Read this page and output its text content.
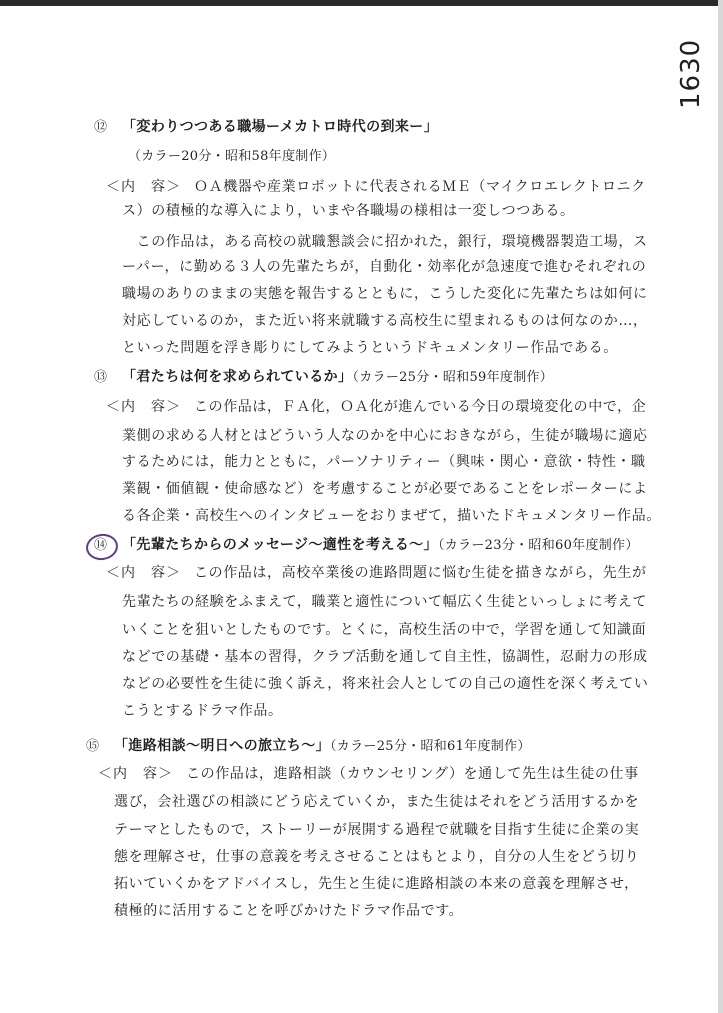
1630
⑫ 「変わりつつある職場ーメカトロ時代の到来ー」
（カラー20分・昭和58年度制作）
＜内　容＞ ＯＡ機器や産業ロボットに代表されるＭＥ（マイクロエレクトロニク
ス）の積極的な導入により，いまや各職場の様相は一変しつつある。
　この作品は，ある高校の就職懇談会に招かれた，銀行，環境機器製造工場，ス
ーパー，に勤める３人の先輩たちが，自動化・効率化が急速度で進むそれぞれの
職場のありのままの実態を報告するとともに，こうした変化に先輩たちは如何に
対応しているのか，また近い将来就職する高校生に望まれるものは何なのか…，
といった問題を浮き彫りにしてみようというドキュメンタリー作品である。
⑬ 「君たちは何を求められているか」（カラー25分・昭和59年度制作）
＜内　容＞ この作品は，ＦＡ化，ＯＡ化が進んでいる今日の環境変化の中で，企
業側の求める人材とはどういう人なのかを中心におきながら，生徒が職場に適応
するためには，能力とともに，パーソナリティー（興味・関心・意欲・特性・職
業観・価値観・使命感など）を考慮することが必要であることをレポーターによ
る各企業・高校生へのインタビューをおりまぜて，描いたドキュメンタリー作品。
⑭ 「先輩たちからのメッセージ〜適性を考える〜」（カラー23分・昭和60年度制作）
＜内　容＞ この作品は，高校卒業後の進路問題に悩む生徒を描きながら，先生が
先輩たちの経験をふまえて，職業と適性について幅広く生徒といっしょに考えて
いくことを狙いとしたものです。とくに，高校生活の中で，学習を通して知識面
などでの基礎・基本の習得，クラブ活動を通して自主性，協調性，忍耐力の形成
などの必要性を生徒に強く訴え，将来社会人としての自己の適性を深く考えてい
こうとするドラマ作品。
⑮ 「進路相談〜明日への旅立ち〜」（カラー25分・昭和61年度制作）
＜内　容＞ この作品は，進路相談（カウンセリング）を通して先生は生徒の仕事
選び，会社選びの相談にどう応えていくか，また生徒はそれをどう活用するかを
テーマとしたもので，ストーリーが展開する過程で就職を目指す生徒に企業の実
態を理解させ，仕事の意義を考えさせることはもとより，自分の人生をどう切り
拓いていくかをアドバイスし，先生と生徒に進路相談の本来の意義を理解させ，
積極的に活用することを呼びかけたドラマ作品です。
